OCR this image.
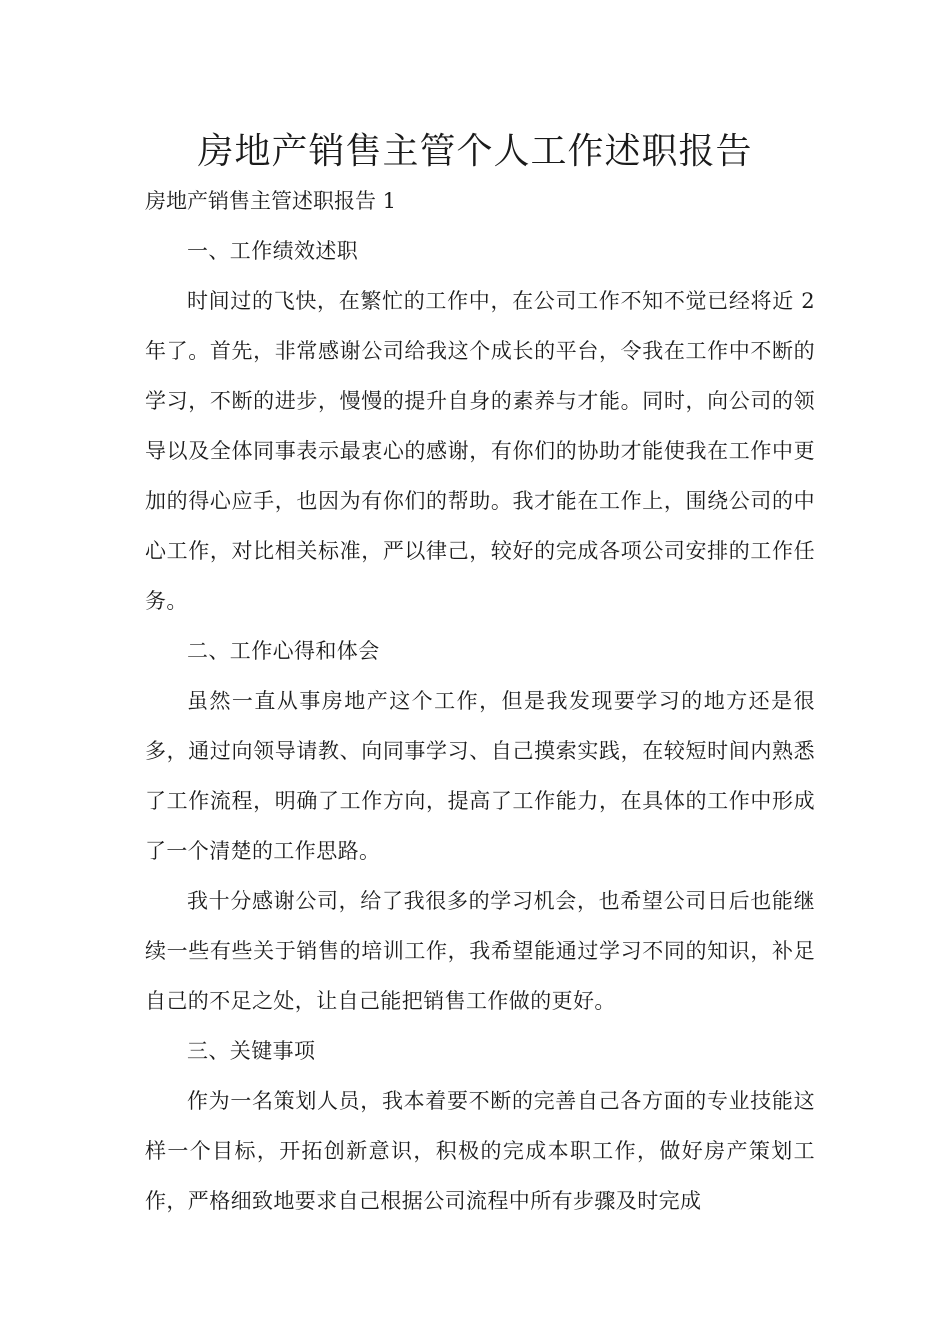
房地产销售主管个人工作述职报告

房地产销售主管述职报告 1

一、工作绩效述职

时间过的飞快，在繁忙的工作中，在公司工作不知不觉已经将近 2 年了。首先，非常感谢公司给我这个成长的平台，令我在工作中不断的学习，不断的进步，慢慢的提升自身的素养与才能。同时，向公司的领导以及全体同事表示最衷心的感谢，有你们的协助才能使我在工作中更加的得心应手，也因为有你们的帮助。我才能在工作上，围绕公司的中心工作，对比相关标准，严以律己，较好的完成各项公司安排的工作任务。

二、工作心得和体会

虽然一直从事房地产这个工作，但是我发现要学习的地方还是很多，通过向领导请教、向同事学习、自己摸索实践，在较短时间内熟悉了工作流程，明确了工作方向，提高了工作能力，在具体的工作中形成了一个清楚的工作思路。

我十分感谢公司，给了我很多的学习机会，也希望公司日后也能继续一些有些关于销售的培训工作，我希望能通过学习不同的知识，补足自己的不足之处，让自己能把销售工作做的更好。

三、关键事项

作为一名策划人员，我本着要不断的完善自己各方面的专业技能这样一个目标，开拓创新意识，积极的完成本职工作，做好房产策划工作，严格细致地要求自己根据公司流程中所有步骤及时完成
